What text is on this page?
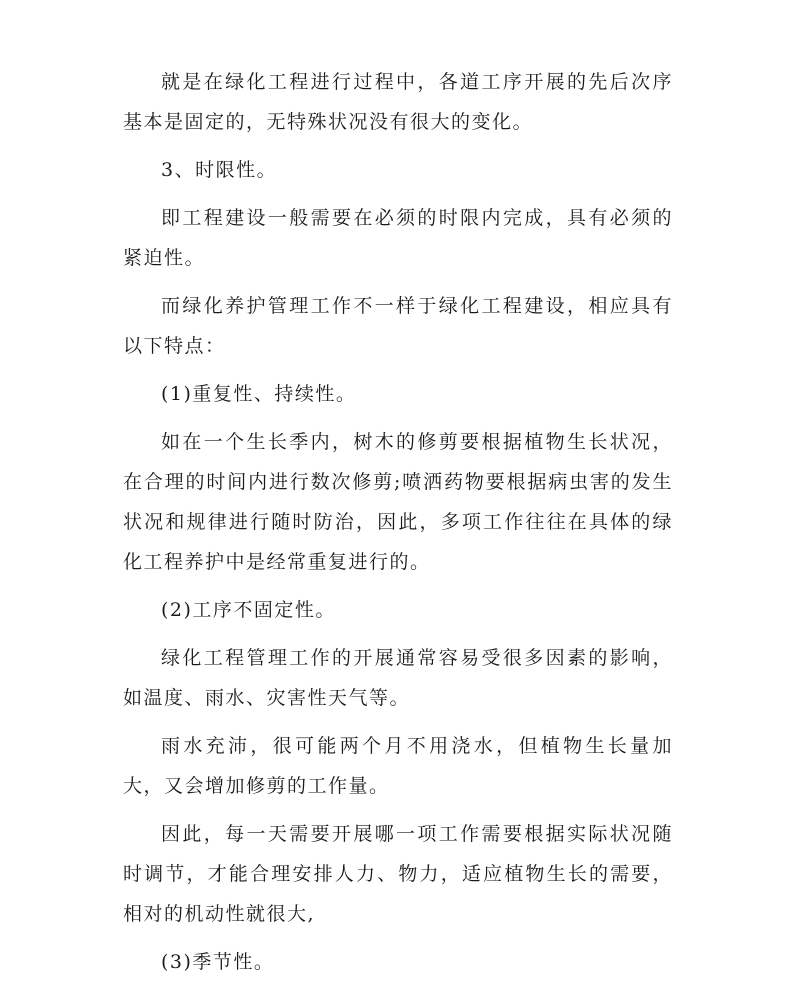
就是在绿化工程进行过程中，各道工序开展的先后次序基本是固定的，无特殊状况没有很大的变化。

3、时限性。

即工程建设一般需要在必须的时限内完成，具有必须的紧迫性。

而绿化养护管理工作不一样于绿化工程建设，相应具有以下特点：

(1)重复性、持续性。

如在一个生长季内，树木的修剪要根据植物生长状况，在合理的时间内进行数次修剪;喷洒药物要根据病虫害的发生状况和规律进行随时防治，因此，多项工作往往在具体的绿化工程养护中是经常重复进行的。

(2)工序不固定性。

绿化工程管理工作的开展通常容易受很多因素的影响，如温度、雨水、灾害性天气等。

雨水充沛，很可能两个月不用浇水，但植物生长量加大，又会增加修剪的工作量。

因此，每一天需要开展哪一项工作需要根据实际状况随时调节，才能合理安排人力、物力，适应植物生长的需要，相对的机动性就很大,

(3)季节性。
